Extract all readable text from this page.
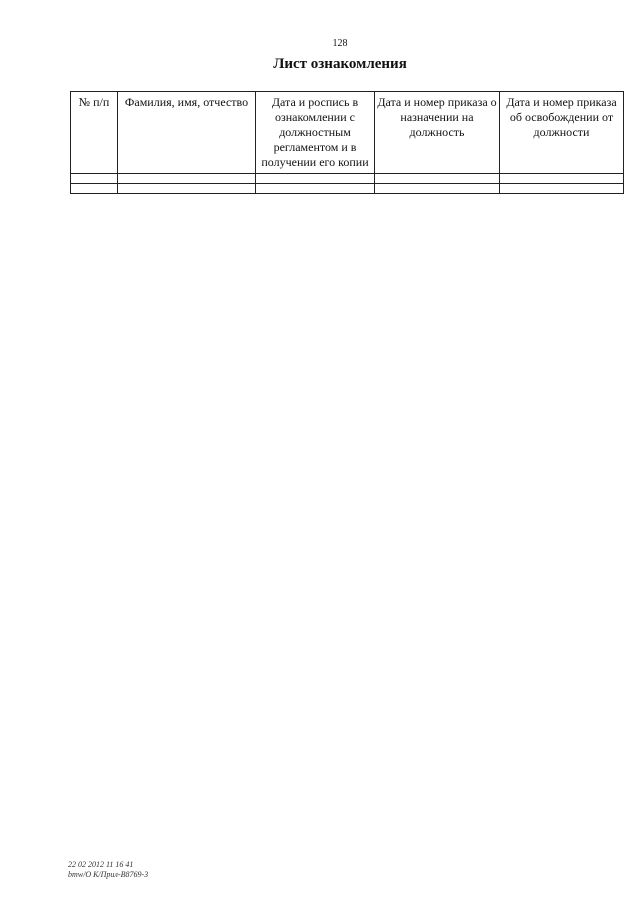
128
Лист ознакомления
№ п/п	Фамилия, имя, отчество	Дата и роспись в ознакомлении с должностным регламентом и в получении его копии	Дата и номер приказа о назначении на должность	Дата и номер приказа об освобождении от должности

22 02 2012 11 16 41
bmw/O К/Прил-В8769-3
